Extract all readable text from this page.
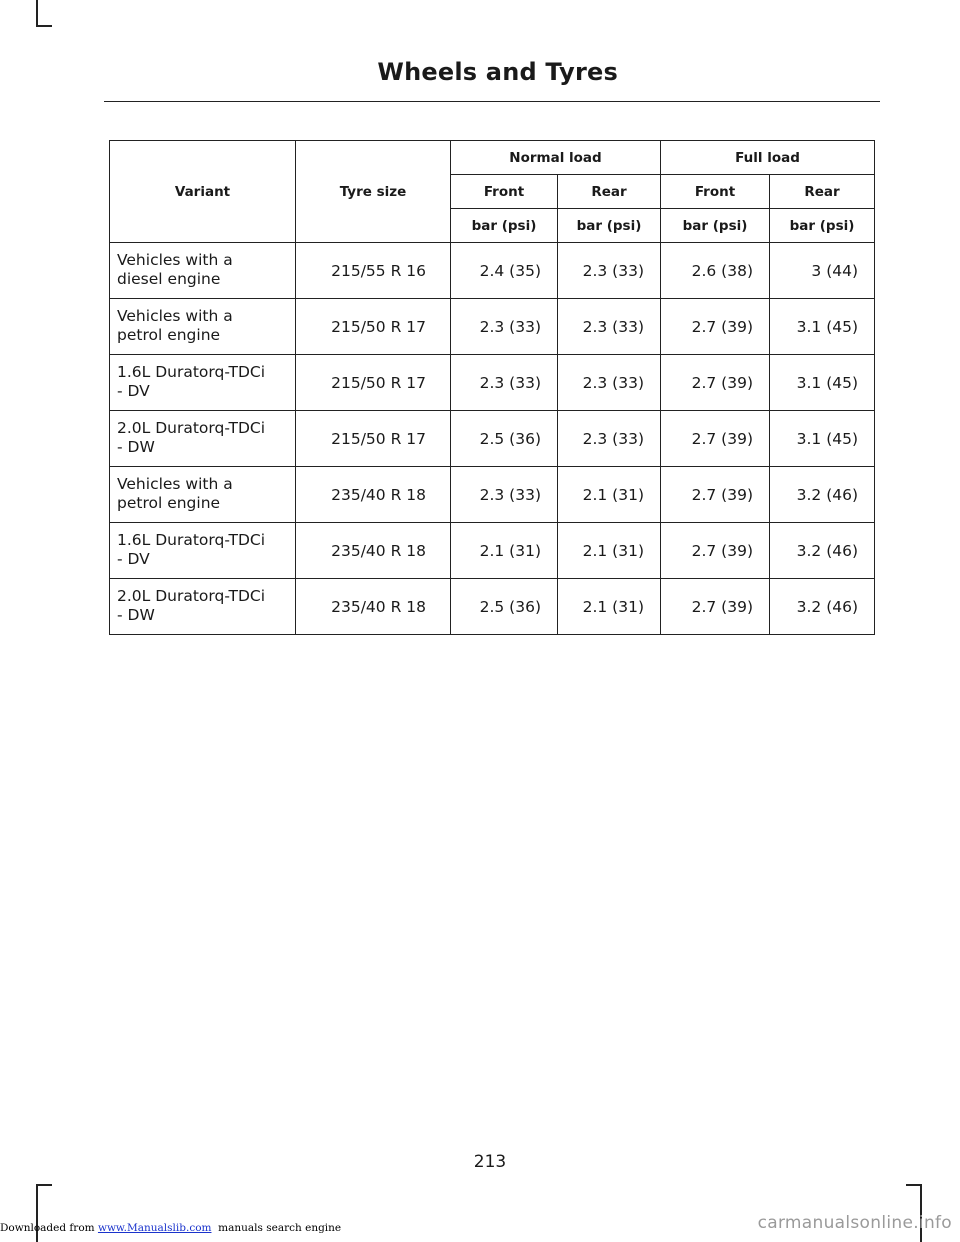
Wheels and Tyres
Variant	Tyre size	Normal load		Full load	
		Front	Rear	Front	Rear
		bar (psi)	bar (psi)	bar (psi)	bar (psi)
Vehicles with a
diesel engine	215/55 R 16	2.4 (35)	2.3 (33)	2.6 (38)	3 (44)
Vehicles with a
petrol engine	215/50 R 17	2.3 (33)	2.3 (33)	2.7 (39)	3.1 (45)
1.6L Duratorq-TDCi
- DV	215/50 R 17	2.3 (33)	2.3 (33)	2.7 (39)	3.1 (45)
2.0L Duratorq-TDCi
- DW	215/50 R 17	2.5 (36)	2.3 (33)	2.7 (39)	3.1 (45)
Vehicles with a
petrol engine	235/40 R 18	2.3 (33)	2.1 (31)	2.7 (39)	3.2 (46)
1.6L Duratorq-TDCi
- DV	235/40 R 18	2.1 (31)	2.1 (31)	2.7 (39)	3.2 (46)
2.0L Duratorq-TDCi
- DW	235/40 R 18	2.5 (36)	2.1 (31)	2.7 (39)	3.2 (46)
213
Downloaded from www.Manualslib.com  manuals search engine	carmanualsonline.info
